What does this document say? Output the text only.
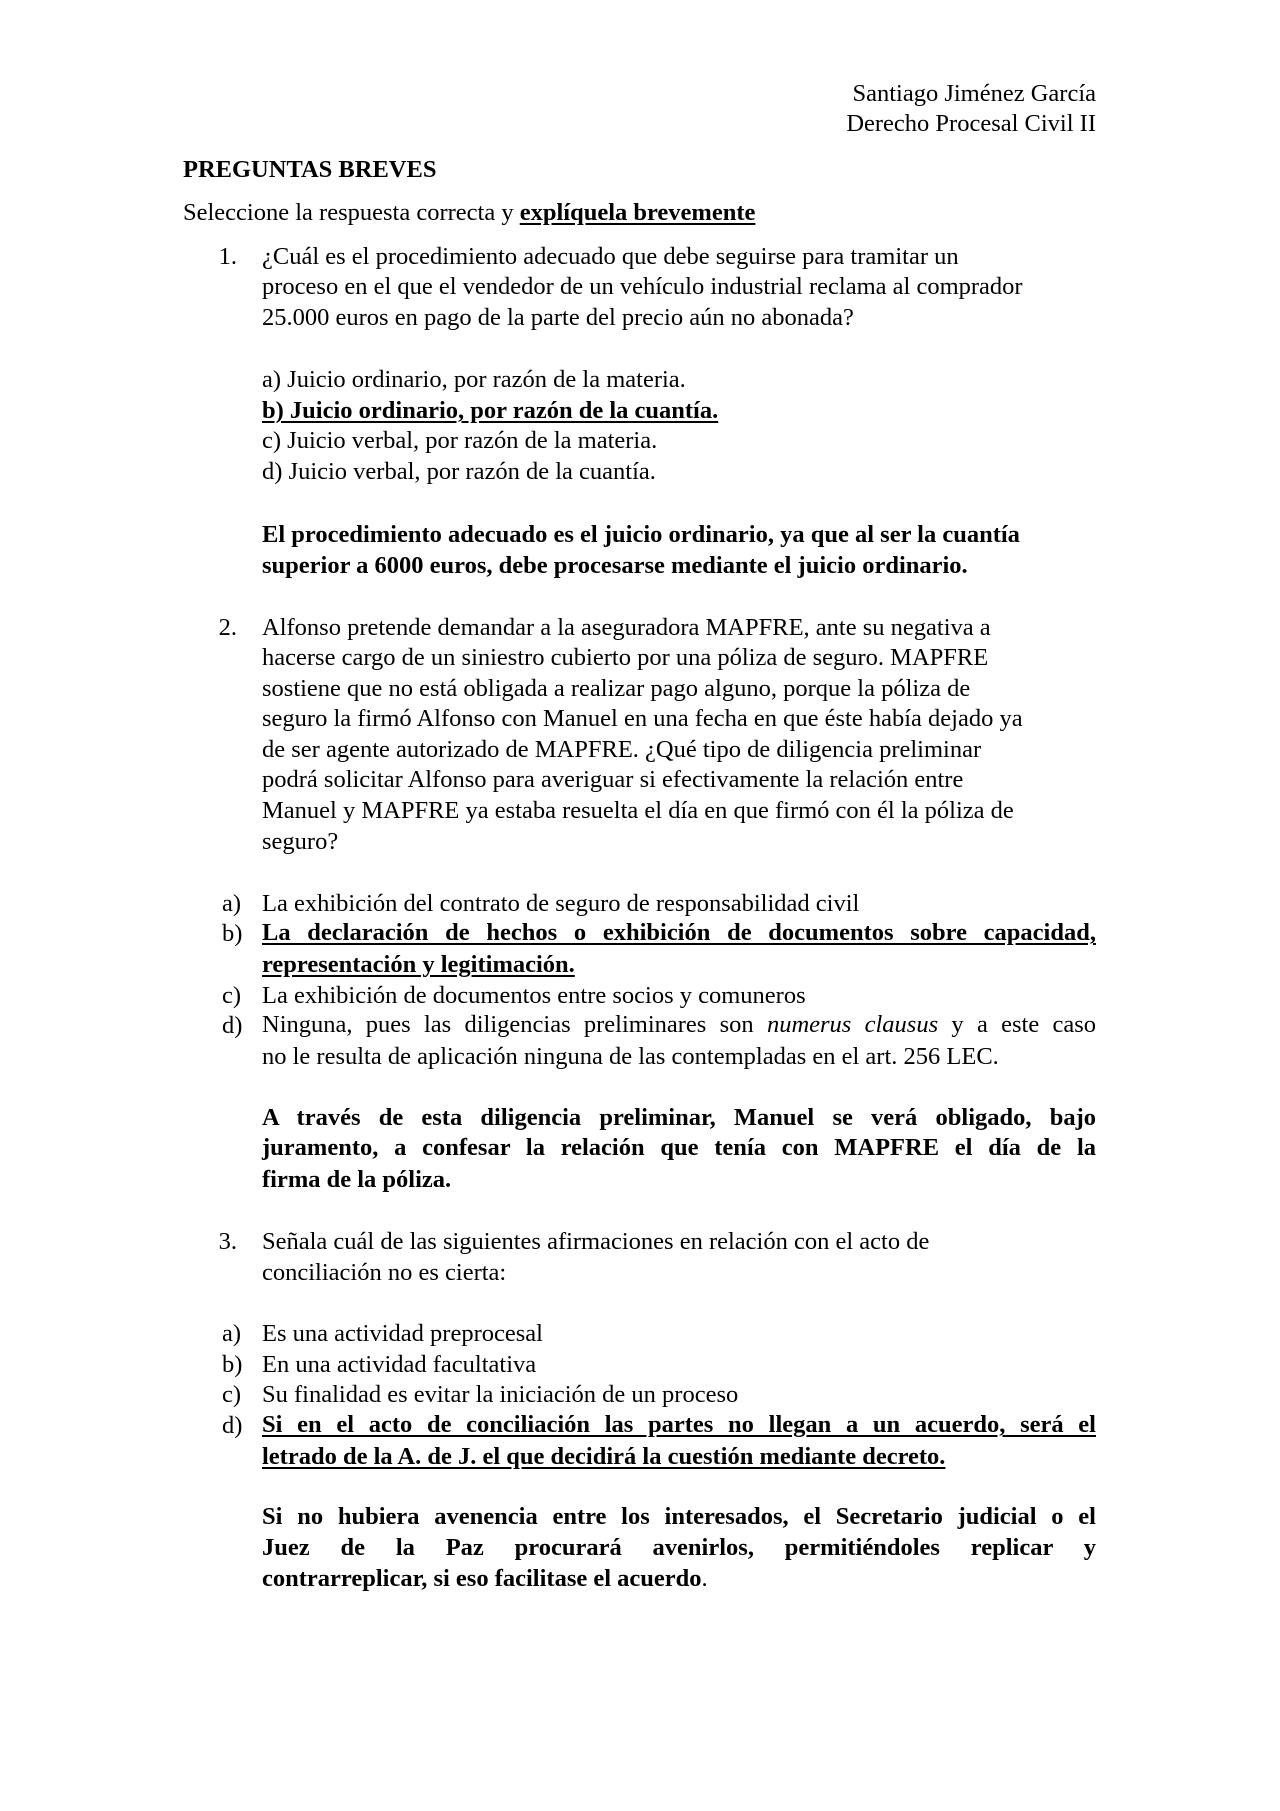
Santiago Jiménez García
Derecho Procesal Civil II
PREGUNTAS BREVES
Seleccione la respuesta correcta y explíquela brevemente
1. ¿Cuál es el procedimiento adecuado que debe seguirse para tramitar un
proceso en el que el vendedor de un vehículo industrial reclama al comprador
25.000 euros en pago de la parte del precio aún no abonada?
a) Juicio ordinario, por razón de la materia.
b) Juicio ordinario, por razón de la cuantía.
c) Juicio verbal, por razón de la materia.
d) Juicio verbal, por razón de la cuantía.
El procedimiento adecuado es el juicio ordinario, ya que al ser la cuantía
superior a 6000 euros, debe procesarse mediante el juicio ordinario.
2. Alfonso pretende demandar a la aseguradora MAPFRE, ante su negativa a
hacerse cargo de un siniestro cubierto por una póliza de seguro. MAPFRE
sostiene que no está obligada a realizar pago alguno, porque la póliza de
seguro la firmó Alfonso con Manuel en una fecha en que éste había dejado ya
de ser agente autorizado de MAPFRE. ¿Qué tipo de diligencia preliminar
podrá solicitar Alfonso para averiguar si efectivamente la relación entre
Manuel y MAPFRE ya estaba resuelta el día en que firmó con él la póliza de
seguro?
a) La exhibición del contrato de seguro de responsabilidad civil
b) La declaración de hechos o exhibición de documentos sobre capacidad,
representación y legitimación.
c) La exhibición de documentos entre socios y comuneros
d) Ninguna, pues las diligencias preliminares son numerus clausus y a este caso
no le resulta de aplicación ninguna de las contempladas en el art. 256 LEC.
A través de esta diligencia preliminar, Manuel se verá obligado, bajo
juramento, a confesar la relación que tenía con MAPFRE el día de la
firma de la póliza.
3. Señala cuál de las siguientes afirmaciones en relación con el acto de
conciliación no es cierta:
a) Es una actividad preprocesal
b) En una actividad facultativa
c) Su finalidad es evitar la iniciación de un proceso
d) Si en el acto de conciliación las partes no llegan a un acuerdo, será el
letrado de la A. de J. el que decidirá la cuestión mediante decreto.
Si no hubiera avenencia entre los interesados, el Secretario judicial o el
Juez de la Paz procurará avenirlos, permitiéndoles replicar y
contrarreplicar, si eso facilitase el acuerdo.
